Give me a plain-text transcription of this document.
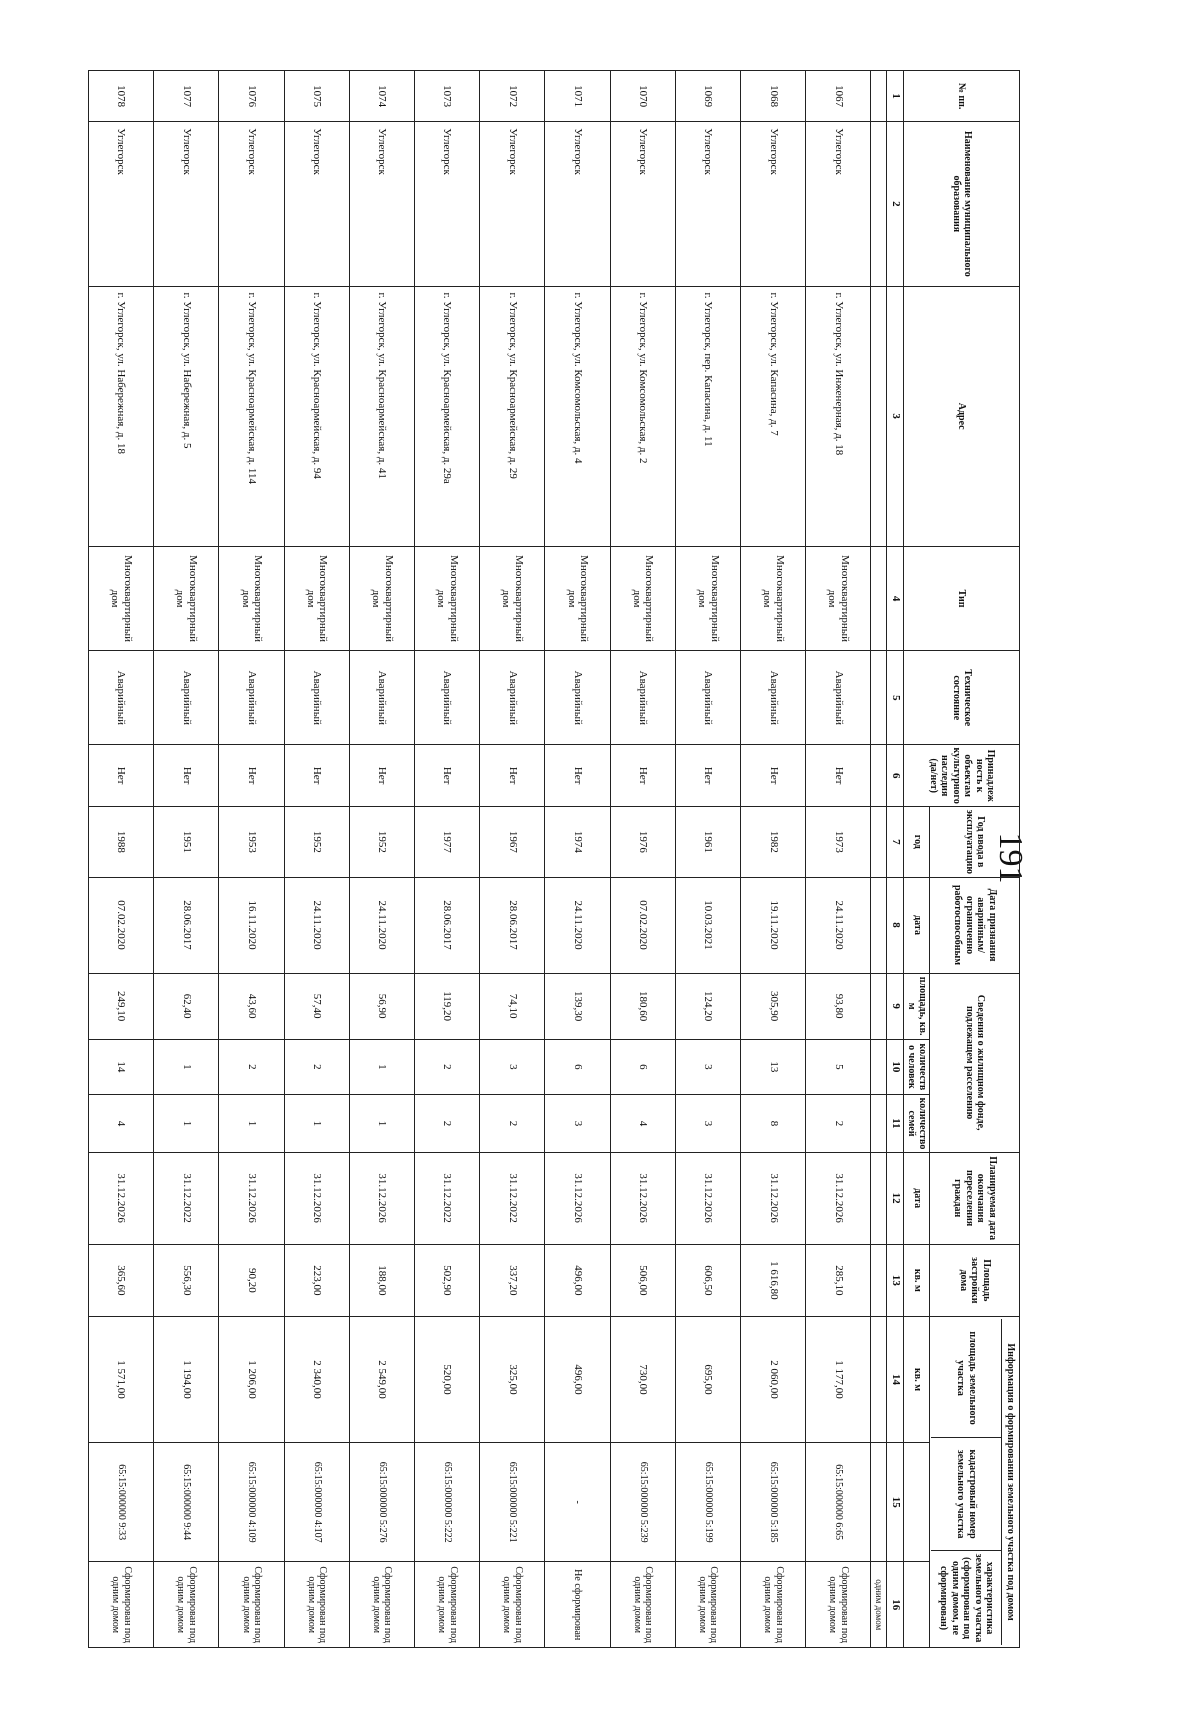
191
№ пп.	Наименование муниципального образования	Адрес	Тип	Техническое состояние	Принадлежность к объектам культурного наследия (да/нет)	Год ввода в эксплуатацию	Дата признания аварийным/ограниченно работоспособным	Сведения о жилищном фонде, подлежащем расселению			Планируемая дата окончания переселения граждан	Площадь застройки дома	Информация о формировании земельного участка под домом
площадь земельного участка
кадастровый номер земельного участка
характеристика земельного участка (сформирован под одним домом, не сформирован)		

						год	дата	площадь, кв. м	количество человек	количество семей	дата	кв. м	кв. м		
1	2	3	4	5	6	7	8	9	10	11	12	13	14	15	16
															одним домом
1067	Углегорск	г. Углегорск, ул. Инженерная, д. 18	Многоквартирный дом	Аварийный	Нет	1973	24.11.2020	93,80	5	2	31.12.2026	285,10	1 177,00	65:15:000000 6:65	Сформирован под одним домом
1068	Углегорск	г. Углегорск, ул. Капасина, д. 7	Многоквартирный дом	Аварийный	Нет	1982	19.11.2020	305,90	13	8	31.12.2026	1 616,80	2 060,00	65:15:000000 5:185	Сформирован под одним домом
1069	Углегорск	г. Углегорск, пер. Капасина, д. 11	Многоквартирный дом	Аварийный	Нет	1961	10.03.2021	124,20	3	3	31.12.2026	606,50	695,00	65:15:000000 5:199	Сформирован под одним домом
1070	Углегорск	г. Углегорск, ул. Комсомольская, д. 2	Многоквартирный дом	Аварийный	Нет	1976	07.02.2020	180,60	6	4	31.12.2026	506,00	730,00	65:15:000000 5:239	Сформирован под одним домом
1071	Углегорск	г. Углегорск, ул. Комсомольская, д. 4	Многоквартирный дом	Аварийный	Нет	1974	24.11.2020	139,30	6	3	31.12.2026	496,00	496,00	-	Не сформирован
1072	Углегорск	г. Углегорск, ул. Красноармейская, д. 29	Многоквартирный дом	Аварийный	Нет	1967	28.06.2017	74,10	3	2	31.12.2022	337,20	325,00	65:15:000000 5:221	Сформирован под одним домом
1073	Углегорск	г. Углегорск, ул. Красноармейская, д. 29а	Многоквартирный дом	Аварийный	Нет	1977	28.06.2017	119,20	2	2	31.12.2022	502,90	520,00	65:15:000000 5:222	Сформирован под одним домом
1074	Углегорск	г. Углегорск, ул. Красноармейская, д. 41	Многоквартирный дом	Аварийный	Нет	1952	24.11.2020	56,90	1	1	31.12.2026	188,00	2 549,00	65:15:000000 5:276	Сформирован под одним домом
1075	Углегорск	г. Углегорск, ул. Красноармейская, д. 94	Многоквартирный дом	Аварийный	Нет	1952	24.11.2020	57,40	2	1	31.12.2026	223,00	2 340,00	65:15:000000 4:107	Сформирован под одним домом
1076	Углегорск	г. Углегорск, ул. Красноармейская, д. 114	Многоквартирный дом	Аварийный	Нет	1953	16.11.2020	43,60	2	1	31.12.2026	90,20	1 206,00	65:15:000000 4:109	Сформирован под одним домом
1077	Углегорск	г. Углегорск, ул. Набережная, д. 5	Многоквартирный дом	Аварийный	Нет	1951	28.06.2017	62,40	1	1	31.12.2022	556,30	1 194,00	65:15:000000 9:44	Сформирован под одним домом
1078	Углегорск	г. Углегорск, ул. Набережная, д. 18	Многоквартирный дом	Аварийный	Нет	1988	07.02.2020	249,10	14	4	31.12.2026	365,60	1 571,00	65:15:000000 9:33	Сформирован под одним домом
